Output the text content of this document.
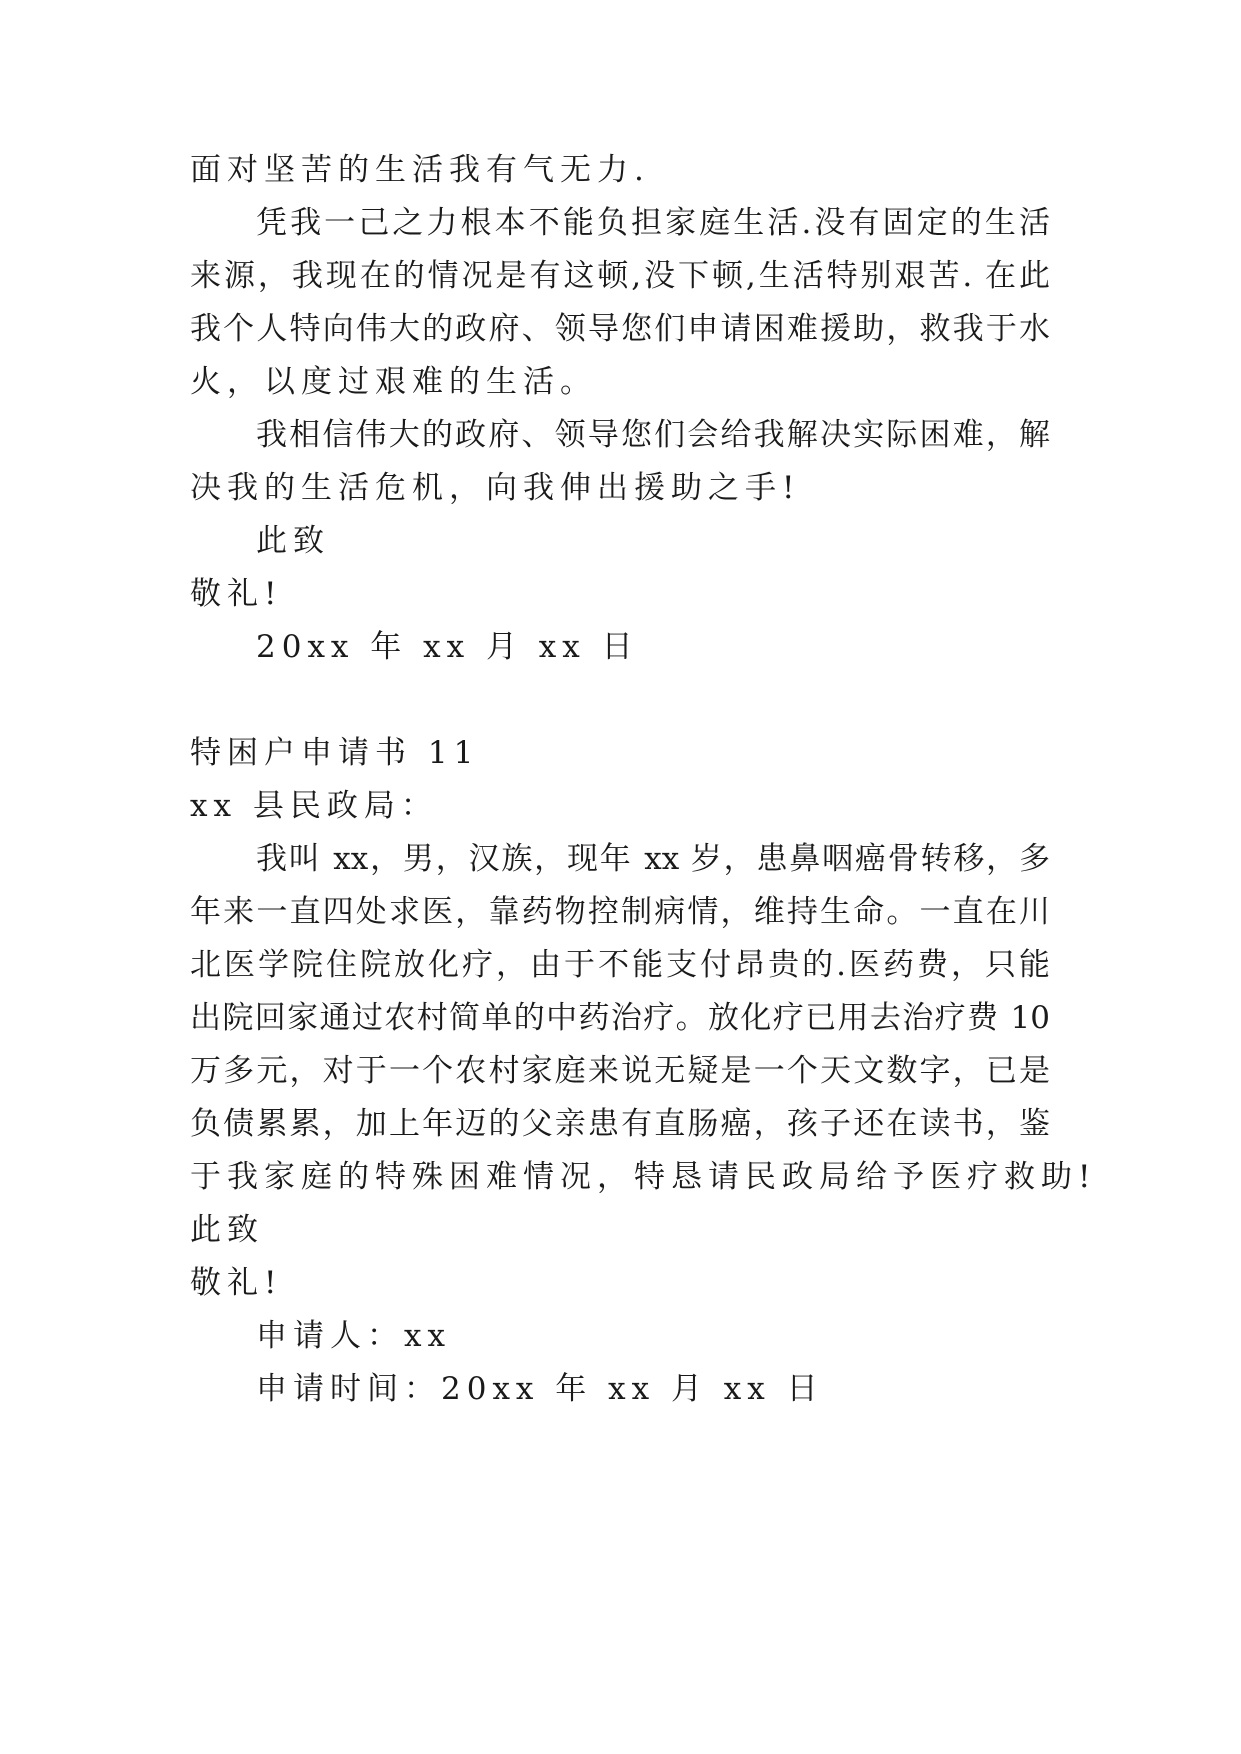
面对坚苦的生活我有气无力.
凭我一己之力根本不能负担家庭生活.没有固定的生活
来源，我现在的情况是有这顿,没下顿,生活特别艰苦. 在此
我个人特向伟大的政府、领导您们申请困难援助，救我于水
火，以度过艰难的生活。
我相信伟大的政府、领导您们会给我解决实际困难，解
决我的生活危机，向我伸出援助之手!
此致
敬礼!
20xx 年 xx 月 xx 日
特困户申请书 11
xx 县民政局：
我叫 xx，男，汉族，现年 xx 岁，患鼻咽癌骨转移，多
年来一直四处求医，靠药物控制病情，维持生命。一直在川
北医学院住院放化疗，由于不能支付昂贵的.医药费，只能
出院回家通过农村简单的中药治疗。放化疗已用去治疗费 10
万多元，对于一个农村家庭来说无疑是一个天文数字，已是
负债累累，加上年迈的父亲患有直肠癌，孩子还在读书，鉴
于我家庭的特殊困难情况，特恳请民政局给予医疗救助!
此致
敬礼!
申请人：xx
申请时间：20xx 年 xx 月 xx 日
